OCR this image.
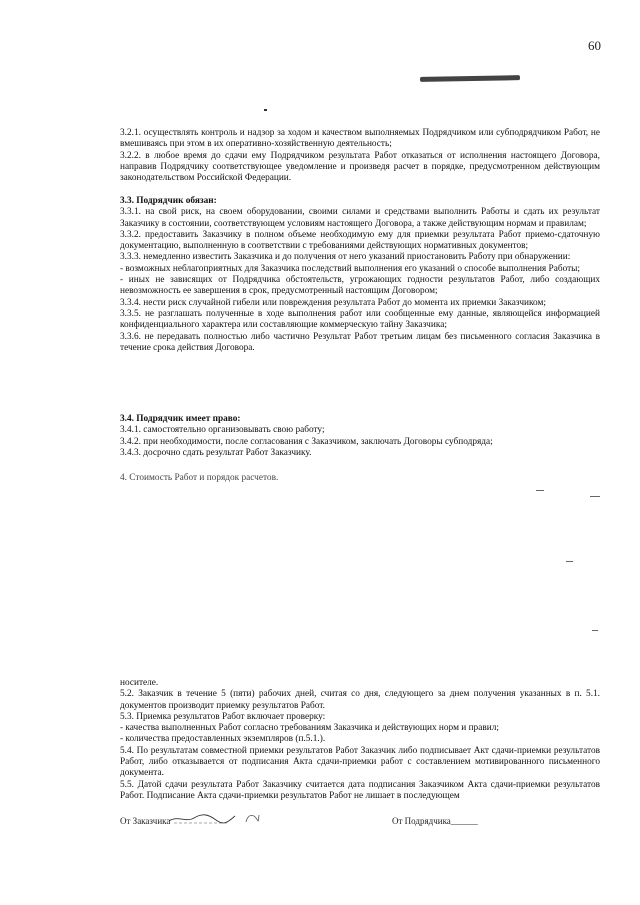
60

3.2.1. осуществлять контроль и надзор за ходом и качеством выполняемых Подрядчиком или субподрядчиком Работ, не вмешиваясь при этом в их оперативно-хозяйственную деятельность;

3.2.2. в любое время до сдачи ему Подрядчиком результата Работ отказаться от исполнения настоящего Договора, направив Подрядчику соответствующее уведомление и произведя расчет в порядке, предусмотренном действующим законодательством Российской Федерации.

3.3. Подрядчик обязан:

3.3.1. на свой риск, на своем оборудовании, своими силами и средствами выполнить Работы и сдать их результат Заказчику в состоянии, соответствующем условиям настоящего Договора, а также действующим нормам и правилам;

3.3.2. предоставить Заказчику в полном объеме необходимую ему для приемки результата Работ приемо-сдаточную документацию, выполненную в соответствии с требованиями действующих нормативных документов;

3.3.3. немедленно известить Заказчика и до получения от него указаний приостановить Работу при обнаружении:

- возможных неблагоприятных для Заказчика последствий выполнения его указаний о способе выполнения Работы;

- иных не зависящих от Подрядчика обстоятельств, угрожающих годности результатов Работ, либо создающих невозможность ее завершения в срок, предусмотренный настоящим Договором;

3.3.4. нести риск случайной гибели или повреждения результата Работ до момента их приемки Заказчиком;

3.3.5. не разглашать полученные в ходе выполнения работ или сообщенные ему данные, являющейся информацией конфиденциального характера или составляющие коммерческую тайну Заказчика;

3.3.6. не передавать полностью либо частично Результат Работ третьим лицам без письменного согласия Заказчика в течение срока действия Договора.

3.4. Подрядчик имеет право:

3.4.1. самостоятельно организовывать свою работу;

3.4.2. при необходимости, после согласования с Заказчиком, заключать Договоры субподряда;

3.4.3. досрочно сдать результат Работ Заказчику.

4. Стоимость Работ и порядок расчетов.

носителе.

5.2. Заказчик в течение 5 (пяти) рабочих дней, считая со дня, следующего за днем получения указанных в п. 5.1. документов производит приемку результатов Работ.

5.3. Приемка результатов Работ включает проверку:

- качества выполненных Работ согласно требованиям Заказчика и действующих норм и правил;

- количества предоставленных экземпляров (п.5.1.).

5.4. По результатам совместной приемки результатов Работ Заказчик либо подписывает Акт сдачи-приемки результатов Работ, либо отказывается от подписания Акта сдачи-приемки работ с составлением мотивированного письменного документа.

5.5. Датой сдачи результата Работ Заказчику считается дата подписания Заказчиком Акта сдачи-приемки результатов Работ. Подписание Акта сдачи-приемки результатов Работ не лишает в последующем

От Заказчика	От Подрядчика______
